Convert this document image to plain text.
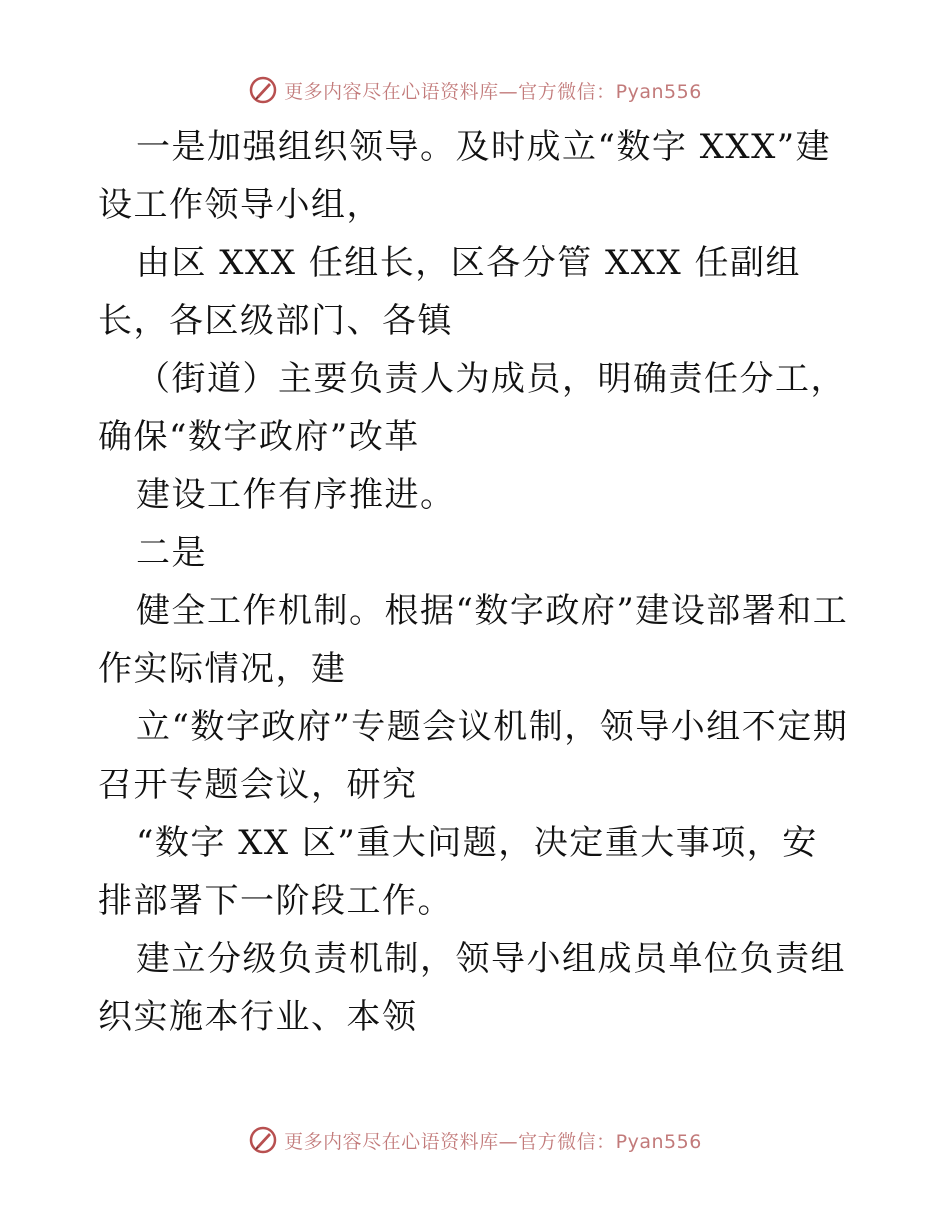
更多内容尽在心语资料库—官方微信：Pyan556

一是加强组织领导。及时成立“数字 XXX”建设工作领导小组，

由区 XXX 任组长，区各分管 XXX 任副组长，各区级部门、各镇

（街道）主要负责人为成员，明确责任分工，确保“数字政府”改革

建设工作有序推进。

二是

健全工作机制。根据“数字政府”建设部署和工作实际情况，建

立“数字政府”专题会议机制，领导小组不定期召开专题会议，研究

“数字 XX 区”重大问题，决定重大事项，安排部署下一阶段工作。

建立分级负责机制，领导小组成员单位负责组织实施本行业、本领

更多内容尽在心语资料库—官方微信：Pyan556
